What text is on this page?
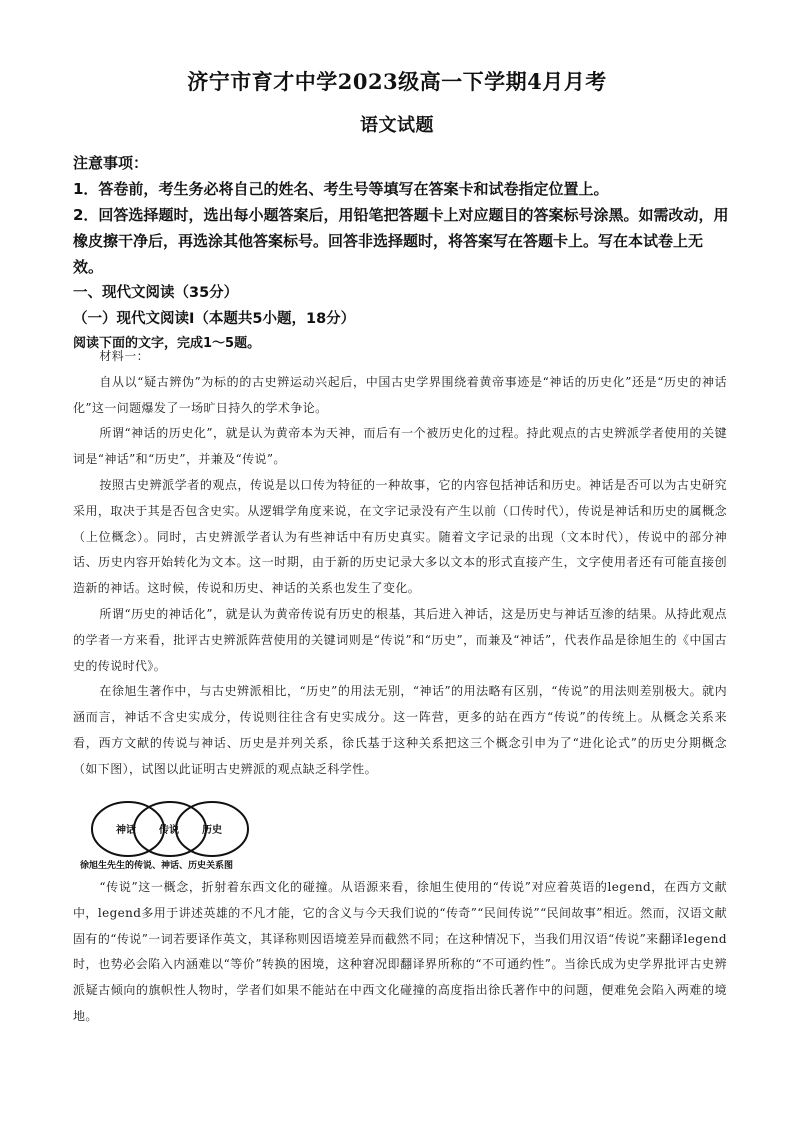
济宁市育才中学2023级高一下学期4月月考
语文试题

注意事项：

1．答卷前，考生务必将自己的姓名、考生号等填写在答案卡和试卷指定位置上。

2．回答选择题时，选出每小题答案后，用铅笔把答题卡上对应题目的答案标号涂黑。如需改动，用橡皮擦干净后，再选涂其他答案标号。回答非选择题时，将答案写在答题卡上。写在本试卷上无效。

一、现代文阅读（35分）

（一）现代文阅读Ⅰ（本题共5小题，18分）

阅读下面的文字，完成1～5题。

材料一：

自从以“疑古辨伪”为标的的古史辨运动兴起后，中国古史学界围绕着黄帝事迹是“神话的历史化”还是“历史的神话化”这一问题爆发了一场旷日持久的学术争论。

所谓“神话的历史化”，就是认为黄帝本为天神，而后有一个被历史化的过程。持此观点的古史辨派学者使用的关键词是“神话”和“历史”，并兼及“传说”。

按照古史辨派学者的观点，传说是以口传为特征的一种故事，它的内容包括神话和历史。神话是否可以为古史研究采用，取决于其是否包含史实。从逻辑学角度来说，在文字记录没有产生以前（口传时代），传说是神话和历史的属概念（上位概念）。同时，古史辨派学者认为有些神话中有历史真实。随着文字记录的出现（文本时代），传说中的部分神话、历史内容开始转化为文本。这一时期，由于新的历史记录大多以文本的形式直接产生，文字使用者还有可能直接创造新的神话。这时候，传说和历史、神话的关系也发生了变化。

所谓“历史的神话化”，就是认为黄帝传说有历史的根基，其后进入神话，这是历史与神话互渗的结果。从持此观点的学者一方来看，批评古史辨派阵营使用的关键词则是“传说”和“历史”，而兼及“神话”，代表作品是徐旭生的《中国古史的传说时代》。

在徐旭生著作中，与古史辨派相比，“历史”的用法无别，“神话”的用法略有区别，“传说”的用法则差别极大。就内涵而言，神话不含史实成分，传说则往往含有史实成分。这一阵营，更多的站在西方“传说”的传统上。从概念关系来看，西方文献的传说与神话、历史是并列关系，徐氏基于这种关系把这三个概念引申为了“进化论式”的历史分期概念（如下图），试图以此证明古史辨派的观点缺乏科学性。

神话 传说 历史
徐旭生先生的传说、神话、历史关系图

“传说”这一概念，折射着东西文化的碰撞。从语源来看，徐旭生使用的“传说”对应着英语的legend，在西方文献中，legend多用于讲述英雄的不凡才能，它的含义与今天我们说的“传奇”“民间传说”“民间故事”相近。然而，汉语文献固有的“传说”一词若要译作英文，其译称则因语境差异而截然不同；在这种情况下，当我们用汉语“传说”来翻译legend时，也势必会陷入内涵难以“等价”转换的困境，这种窘况即翻译界所称的“不可通约性”。当徐氏成为史学界批评古史辨派疑古倾向的旗帜性人物时，学者们如果不能站在中西文化碰撞的高度指出徐氏著作中的问题，便难免会陷入两难的境地。
